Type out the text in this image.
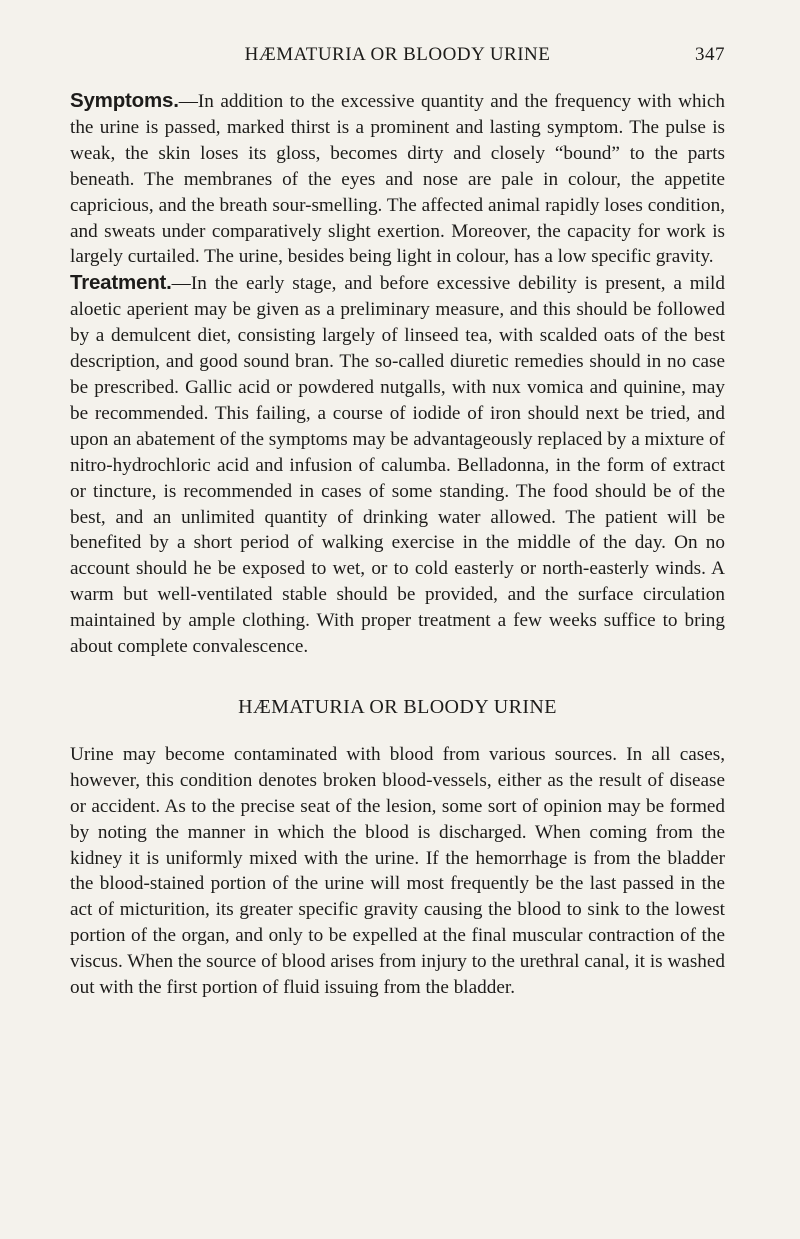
HÆMATURIA OR BLOODY URINE	347

Symptoms.—In addition to the excessive quantity and the frequency with which the urine is passed, marked thirst is a prominent and lasting symptom. The pulse is weak, the skin loses its gloss, becomes dirty and closely “bound” to the parts beneath. The membranes of the eyes and nose are pale in colour, the appetite capricious, and the breath sour-smelling. The affected animal rapidly loses condition, and sweats under comparatively slight exertion. Moreover, the capacity for work is largely curtailed. The urine, besides being light in colour, has a low specific gravity.

Treatment.—In the early stage, and before excessive debility is present, a mild aloetic aperient may be given as a preliminary measure, and this should be followed by a demulcent diet, consisting largely of linseed tea, with scalded oats of the best description, and good sound bran. The so-called diuretic remedies should in no case be prescribed. Gallic acid or powdered nutgalls, with nux vomica and quinine, may be recommended. This failing, a course of iodide of iron should next be tried, and upon an abatement of the symptoms may be advantageously replaced by a mixture of nitro-hydrochloric acid and infusion of calumba. Belladonna, in the form of extract or tincture, is recommended in cases of some standing. The food should be of the best, and an unlimited quantity of drinking water allowed. The patient will be benefited by a short period of walking exercise in the middle of the day. On no account should he be exposed to wet, or to cold easterly or north-easterly winds. A warm but well-ventilated stable should be provided, and the surface circulation maintained by ample clothing. With proper treatment a few weeks suffice to bring about complete convalescence.

HÆMATURIA OR BLOODY URINE

Urine may become contaminated with blood from various sources. In all cases, however, this condition denotes broken blood-vessels, either as the result of disease or accident. As to the precise seat of the lesion, some sort of opinion may be formed by noting the manner in which the blood is discharged. When coming from the kidney it is uniformly mixed with the urine. If the hemorrhage is from the bladder the blood-stained portion of the urine will most frequently be the last passed in the act of micturition, its greater specific gravity causing the blood to sink to the lowest portion of the organ, and only to be expelled at the final muscular contraction of the viscus. When the source of blood arises from injury to the urethral canal, it is washed out with the first portion of fluid issuing from the bladder.
